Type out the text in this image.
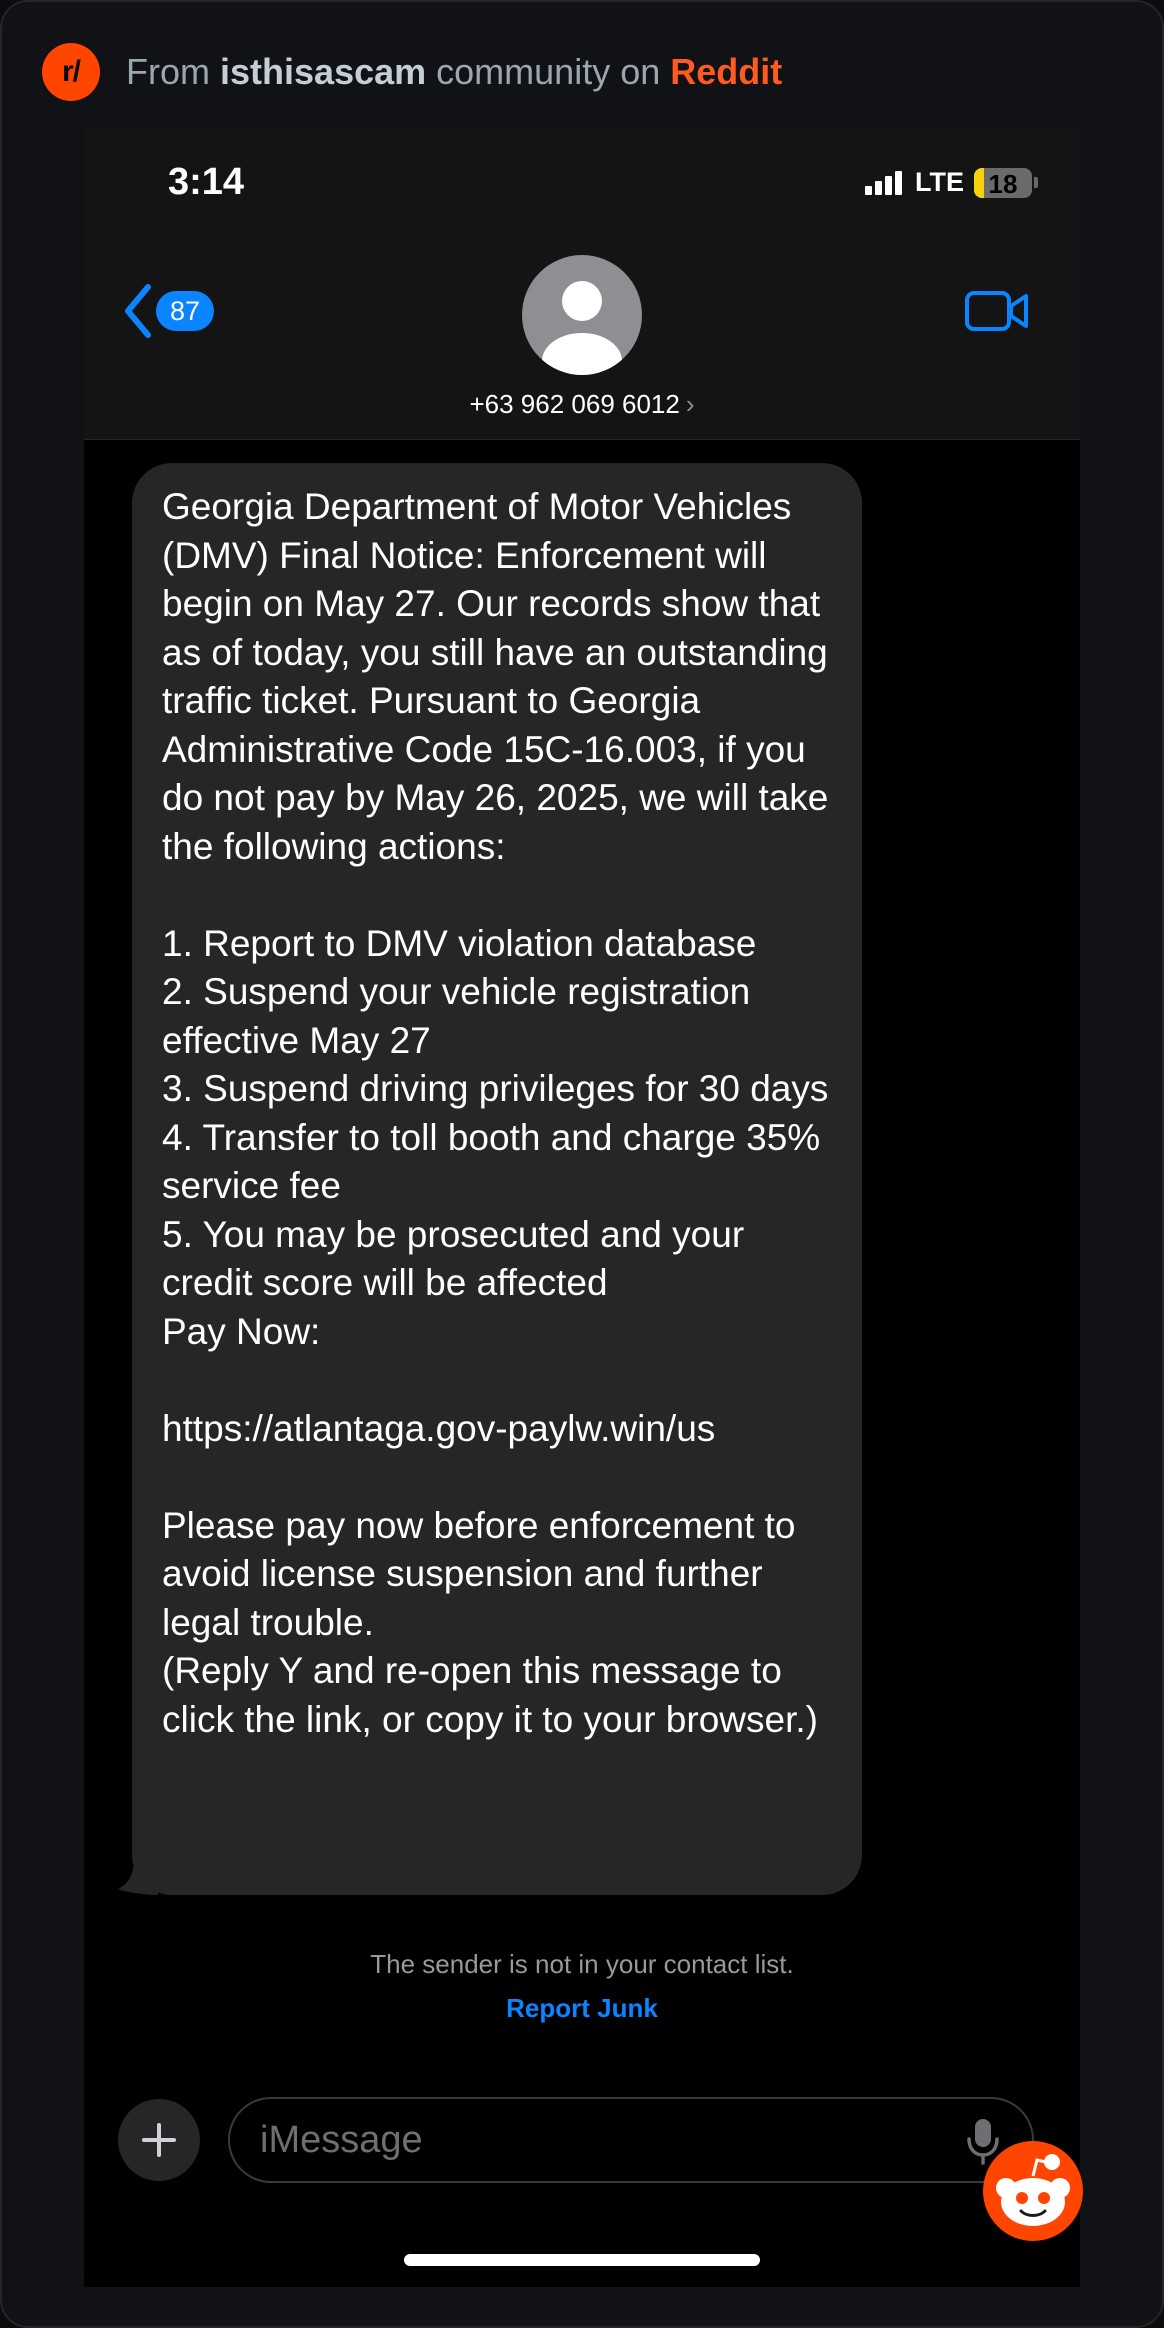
r/	From isthisascam community on Reddit
3:14	LTE 18
87
+63 962 069 6012 ›
Georgia Department of Motor Vehicles (DMV) Final Notice: Enforcement will begin on May 27. Our records show that as of today, you still have an outstanding traffic ticket. Pursuant to Georgia Administrative Code 15C-16.003, if you do not pay by May 26, 2025, we will take the following actions:

1. Report to DMV violation database
2. Suspend your vehicle registration effective May 27
3. Suspend driving privileges for 30 days
4. Transfer to toll booth and charge 35% service fee
5. You may be prosecuted and your credit score will be affected
Pay Now:

https://atlantaga.gov-paylw.win/us

Please pay now before enforcement to avoid license suspension and further legal trouble.
(Reply Y and re-open this message to click the link, or copy it to your browser.)
The sender is not in your contact list.
Report Junk
iMessage
